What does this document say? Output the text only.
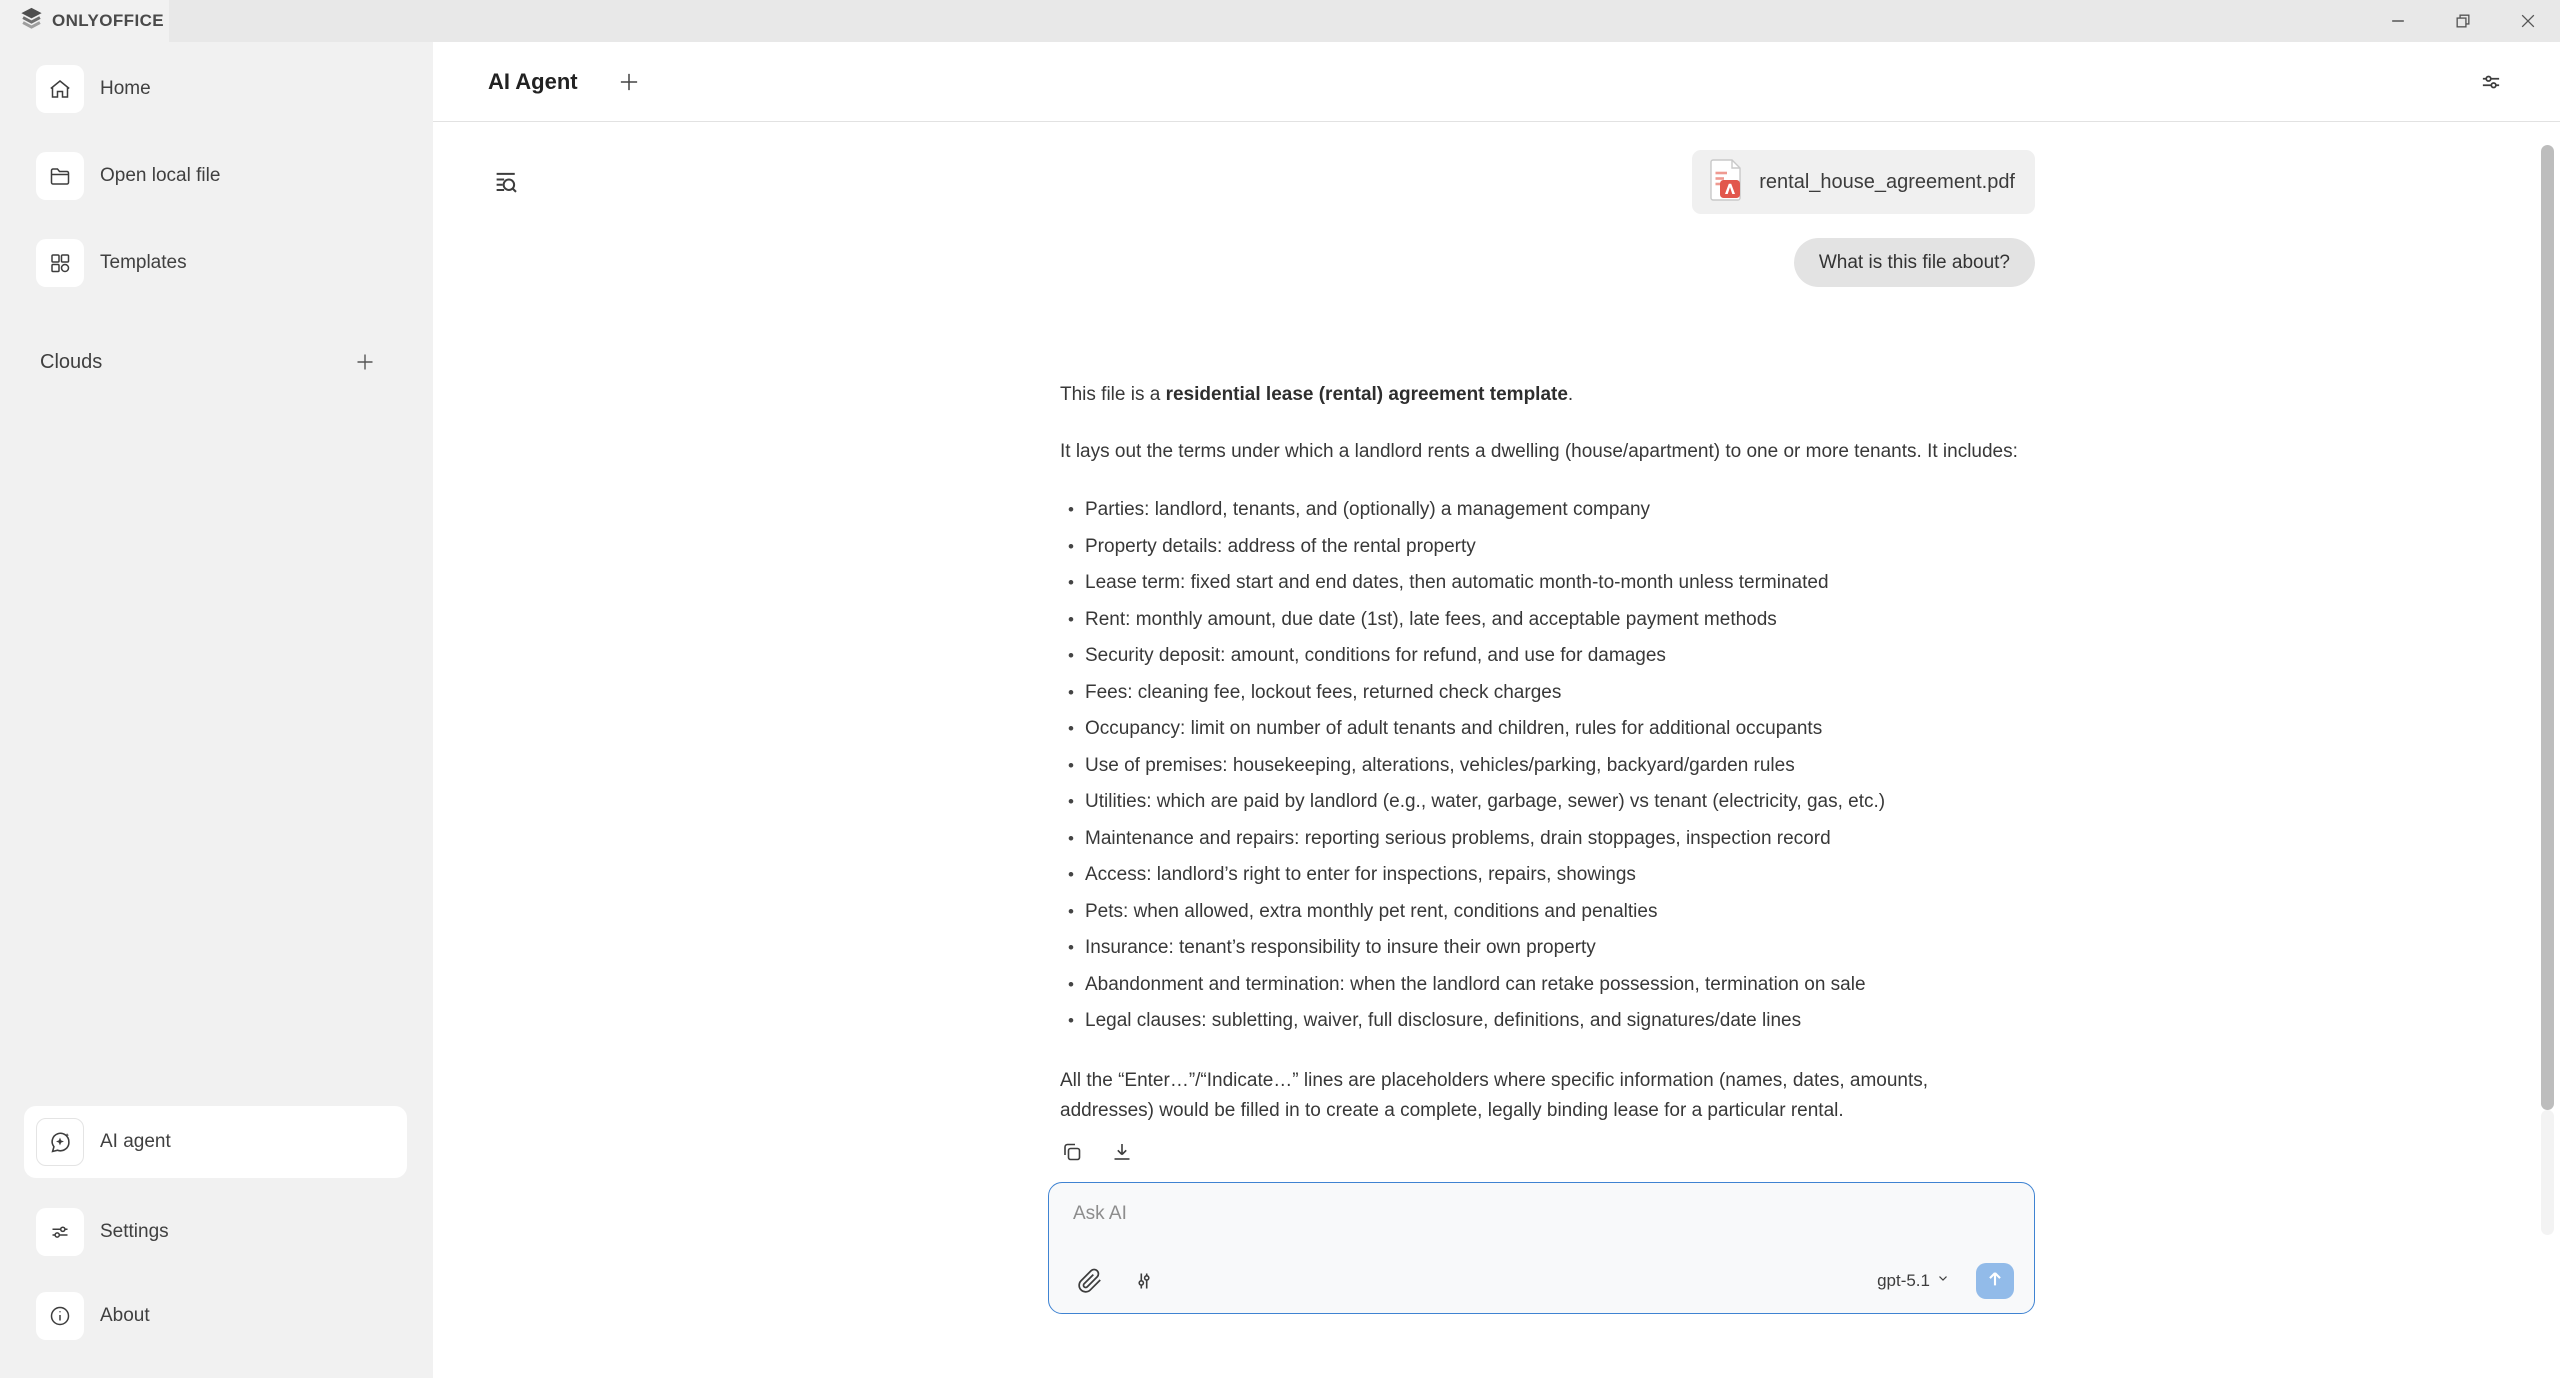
ONLYOFFICE
Home
Open local file
Templates
Clouds
AI agent
Settings
About
AI Agent
rental_house_agreement.pdf
What is this file about?

This file is a residential lease (rental) agreement template.

It lays out the terms under which a landlord rents a dwelling (house/apartment) to one or more tenants. It includes:

• Parties: landlord, tenants, and (optionally) a management company
• Property details: address of the rental property
• Lease term: fixed start and end dates, then automatic month-to-month unless terminated
• Rent: monthly amount, due date (1st), late fees, and acceptable payment methods
• Security deposit: amount, conditions for refund, and use for damages
• Fees: cleaning fee, lockout fees, returned check charges
• Occupancy: limit on number of adult tenants and children, rules for additional occupants
• Use of premises: housekeeping, alterations, vehicles/parking, backyard/garden rules
• Utilities: which are paid by landlord (e.g., water, garbage, sewer) vs tenant (electricity, gas, etc.)
• Maintenance and repairs: reporting serious problems, drain stoppages, inspection record
• Access: landlord’s right to enter for inspections, repairs, showings
• Pets: when allowed, extra monthly pet rent, conditions and penalties
• Insurance: tenant’s responsibility to insure their own property
• Abandonment and termination: when the landlord can retake possession, termination on sale
• Legal clauses: subletting, waiver, full disclosure, definitions, and signatures/date lines

All the “Enter…”/“Indicate…” lines are placeholders where specific information (names, dates, amounts, addresses) would be filled in to create a complete, legally binding lease for a particular rental.

Ask AI
gpt-5.1
